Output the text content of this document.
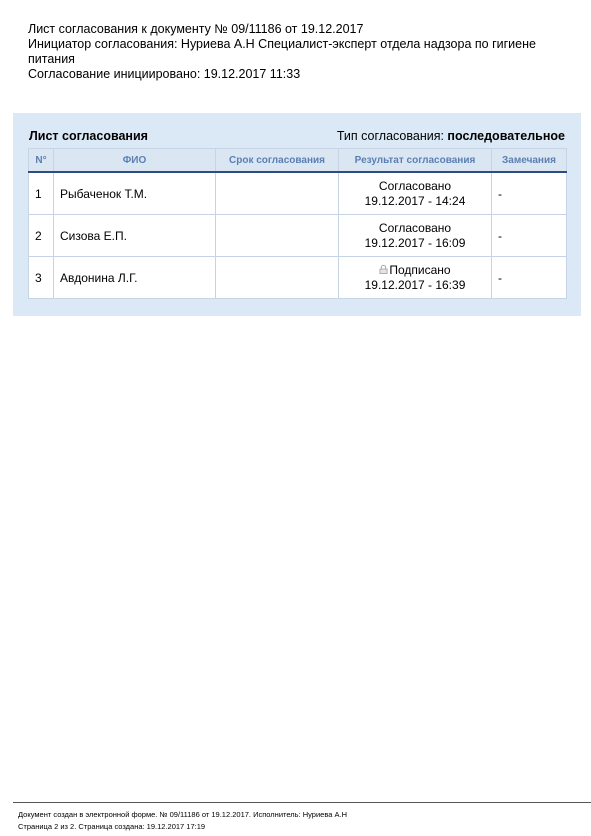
Лист согласования к документу № 09/11186 от 19.12.2017
Инициатор согласования: Нуриева А.Н Специалист-эксперт отдела надзора по гигиене
питания
Согласование инициировано: 19.12.2017 11:33
Лист согласования	Тип согласования: последовательное
N°	ФИО	Срок согласования	Результат согласования	Замечания
1	Рыбаченок Т.М.		Согласовано
19.12.2017 - 14:24	-
2	Сизова Е.П.		Согласовано
19.12.2017 - 16:09	-
3	Авдонина Л.Г.		Подписано
19.12.2017 - 16:39	-
Документ создан в электронной форме. № 09/11186 от 19.12.2017. Исполнитель: Нуриева А.Н
Страница 2 из 2. Страница создана: 19.12.2017 17:19
